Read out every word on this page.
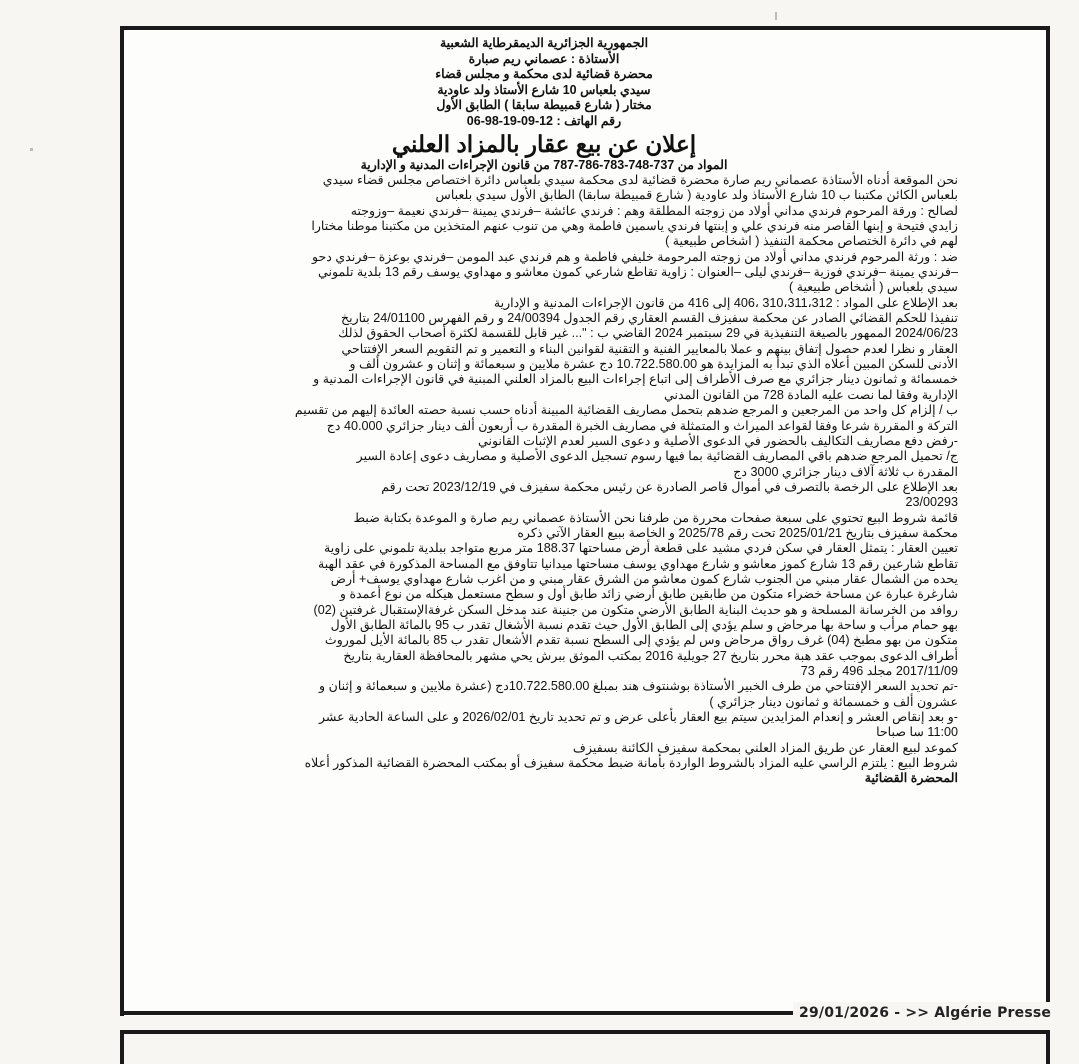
29/01/2026 - >> Algérie Presse
الجمهورية الجزائرية الديمقرطاية الشعبية
الأستاذة : عصماني ريم صبارة
محضرة قضائية لدى محكمة و مجلس قضاء
سيدي بلعباس 10 شارع الأستاذ ولد عاودية
مختار ( شارع قمبيطة سابقا ) الطابق الأول
رقم الهاتف : 12-09-19-98-06
إعلان عن بيع عقار بالمزاد العلني
المواد من 737-748-783-786-787 من قانون الإجراءات المدنية و الإدارية
نحن الموقعة أدناه الأستاذة عصماني ريم صارة محضرة قضائية لدى محكمة سيدي بلعباس دائرة اختصاص مجلس قضاء سيدي
بلعباس الكائن مكتبنا ب 10 شارع الأستاذ ولد عاودية ( شارع قمبيطة سابقا) الطابق الأول سيدي بلعباس
لصالح : ورقة المرحوم فرندي مداني أولاد من زوجته المطلقة وهم : فرندي عائشة –فرندي يمينة –فرندي نعيمة –وزوجته
زايدي فتيحة و إبنها القاصر منه فرندي علي و إبنتها فرندي ياسمين فاطمة وهي من تنوب عنهم المتخذين من مكتبنا موطنا مختارا
لهم في دائرة الختصاص محكمة التنفيذ ( اشخاص طبيعية )
ضد : ورثة المرحوم فرندي مداني أولاد من زوجته المرحومة خليفي فاطمة و هم فرندي عبد المومن –فرندي بوعزة –فرندي دحو
–فرندي يمينة –فرندي فوزية –فرندي ليلى –العنوان : زاوية تقاطع شارعي كمون معاشو و مهداوي يوسف رقم 13 بلدية تلموني
سيدي بلعباس ( أشخاص طبيعية )
بعد الإطلاع على المواد : 310،311،312 ،406 إلى 416 من قانون الإجراءات المدنية و الإدارية
تنفيذا للحكم القضائي الصادر عن محكمة سفيزف القسم العقاري رقم الجدول 24/00394 و رقم الفهرس 24/01100 بتاريخ
2024/06/23 الممهور بالصيغة التنفيذية في 29 سبتمبر 2024 القاضي ب : "... غير قابل للقسمة لكثرة أصحاب الحقوق لذلك
العقار و نظرا لعدم حصول إتفاق بينهم و عملا بالمعايير الفنية و التقنية لقوانين البناء و التعمير و تم التقويم السعر الإفتتاحي
الأدنى للسكن المبين أعلاه الذي تبدأ به المزايدة هو 10.722.580.00 دج عشرة ملايين و سبعمائة و إثنان و عشرون ألف و
خمسمائة و ثمانون دينار جزائري مع صرف الأطراف إلى اتباع إجراءات البيع بالمزاد العلني المبنية في قانون الإجراءات المدنية و
الإدارية وفقا لما نصت عليه المادة 728 من القانون المدني
ب / إلزام كل واحد من المرجعين و المرجع ضدهم بتحمل مصاريف القضائية المبينة أدناه حسب نسبة حصته العائدة إليهم من تقسيم
التركة و المقررة شرعا وفقا لقواعد الميراث و المتمثلة في مصاريف الخبرة المقدرة ب أربعون ألف دينار جزائري 40.000 دج
-رفض دفع مصاريف التكاليف بالحضور في الدعوى الأصلية و دعوى السير لعدم الإثبات القانوني
ج/ تحميل المرجع ضدهم باقي المصاريف القضائية بما فيها رسوم تسجيل الدعوى الأصلية و مصاريف دعوى إعادة السير
المقدرة ب ثلاثة آلاف دينار جزائري 3000 دج
بعد الإطلاع على الرخصة بالتصرف في أموال قاصر الصادرة عن رئيس محكمة سفيزف في 2023/12/19 تحت رقم
23/00293
قائمة شروط البيع تحتوي على سبعة صفحات محررة من طرفنا نحن الأستاذة عصماني ريم صارة و الموعدة بكتابة ضبط
محكمة سفيزف بتاريخ 2025/01/21 تحت رقم 2025/78 و الخاصة ببيع العقار الآتي ذكره
تعيين العقار : يتمثل العقار في سكن فردي مشيد على قطعة أرض مساحتها 188.37 متر مربع متواجد ببلدية تلموني على زاوية
تقاطع شارعين رقم 13 شارع كموز معاشو و شارع مهداوي يوسف مساحتها ميدانيا تتاوفق مع المساحة المذكورة في عقد الهبة
يحده من الشمال عقار مبني من الجنوب شارع كمون معاشو من الشرق عقار مبني و من اغرب شارع مهداوي يوسف+ أرض
شارغرة عبارة عن مساحة خضراء متكون من طابقين طابق أرضي زائد طابق أول و سطح مستعمل هيكله من نوع أعمدة و
روافد من الخرسانة المسلحة و هو حديث البناية الطابق الأرضي متكون من جنينة عند مدخل السكن غرفةالإستقبال غرفتين (02)
بهو حمام مرأب و ساحة بها مرحاض و سلم يؤدي إلى الطابق الأول حيث تقدم نسبة الأشغال تقدر ب 95 بالمائة الطابق الأول
متكون من بهو مطبخ (04) غرف رواق مرحاض وس لم يؤدي إلى السطح نسبة تقدم الأشعال تقدر ب 85 بالمائة الأيل لموروث
أطراف الدعوى بموجب عقد هبة محرر بتاريخ 27 جويلية 2016 بمكتب الموثق ببرش يحي مشهر بالمحافظة العقارية بتاريخ
2017/11/09 مجلد 496 رقم 73
-تم تحديد السعر الإفتتاحي من طرف الخبير الأستاذة بوشنتوف هند بمبلغ 10.722.580.00دج (عشرة ملايين و سبعمائة و إثنان و
عشرون ألف و خمسمائة و ثمانون دينار جزائري )
-و بعد إنقاص العشر و إنعدام المزايدين سيتم بيع العقار بأعلى عرض و تم تحديد تاريخ 2026/02/01 و على الساعة الحادية عشر
11:00 سا صباحا
كموعد لبيع العقار عن طريق المزاد العلني بمحكمة سفيزف الكائنة بسفيزف
شروط البيع : يلتزم الراسي عليه المزاد بالشروط الواردة بأمانة ضبط محكمة سفيزف أو بمكتب المحضرة القضائية المذكور أعلاه
المحضرة القضائية
